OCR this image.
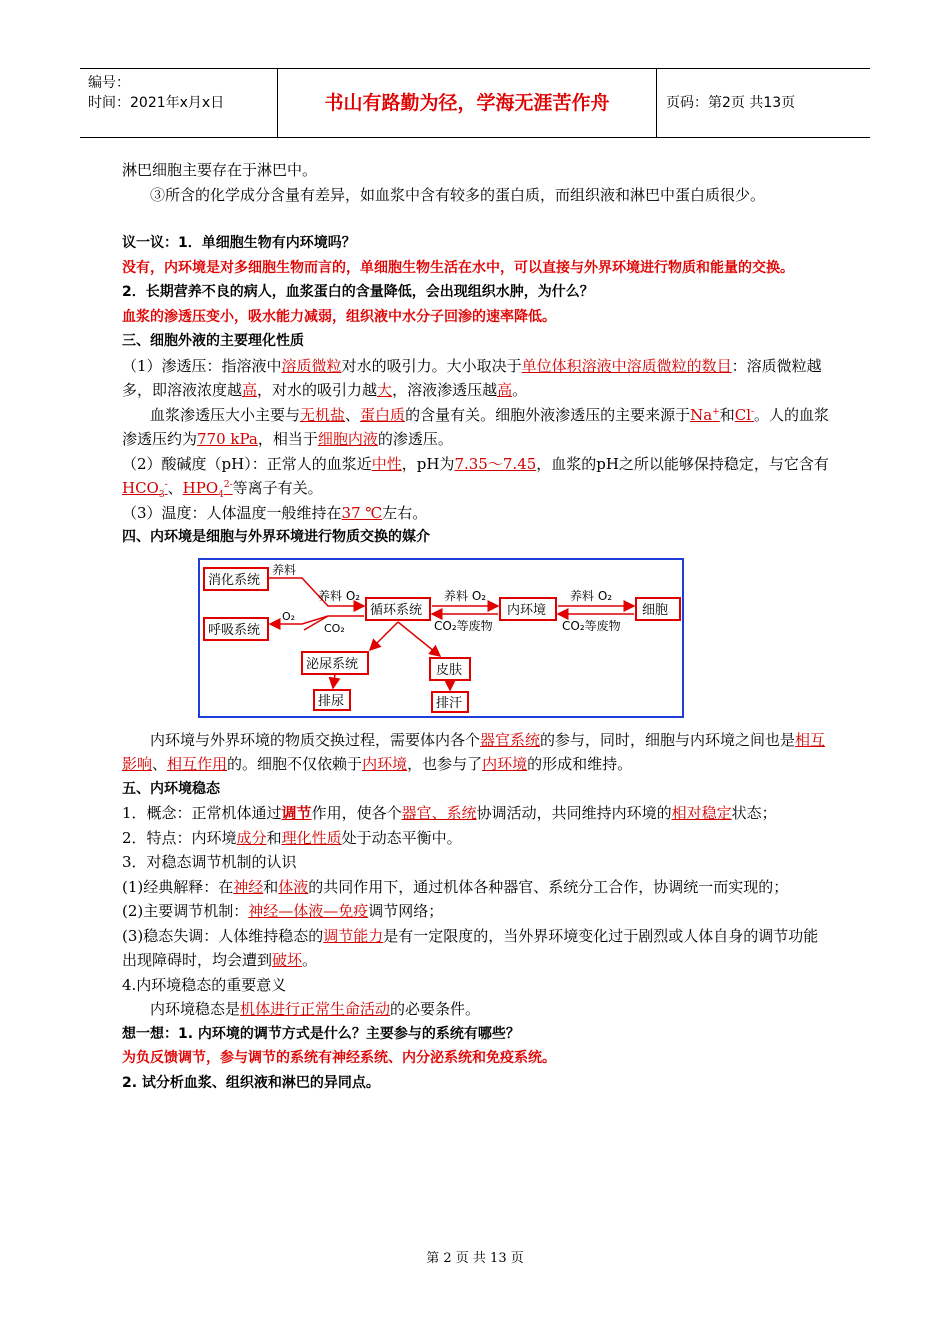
编号：
时间：2021年x月x日	书山有路勤为径，学海无涯苦作舟	页码：第2页 共13页

淋巴细胞主要存在于淋巴中。

③所含的化学成分含量有差异，如血浆中含有较多的蛋白质，而组织液和淋巴中蛋白质很少。

议一议：1．单细胞生物有内环境吗？

没有，内环境是对多细胞生物而言的，单细胞生物生活在水中，可以直接与外界环境进行物质和能量的交换。

2．长期营养不良的病人，血浆蛋白的含量降低，会出现组织水肿，为什么？

血浆的渗透压变小，吸水能力减弱，组织液中水分子回渗的速率降低。

三、细胞外液的主要理化性质

（1）渗透压：指溶液中溶质微粒对水的吸引力。大小取决于单位体积溶液中溶质微粒的数目：溶质微粒越多，即溶液浓度越高，对水的吸引力越大，溶液渗透压越高。

血浆渗透压大小主要与无机盐、蛋白质的含量有关。细胞外液渗透压的主要来源于Na+和Cl-。人的血浆渗透压约为770 kPa，相当于细胞内液的渗透压。

（2）酸碱度（pH）：正常人的血浆近中性，pH为7.35～7.45，血浆的pH之所以能够保持稳定，与它含有$HCO_3^-$、$HPO_4^{2-}$等离子有关。

（3）温度：人体温度一般维持在37 ℃左右。

四、内环境是细胞与外界环境进行物质交换的媒介

消化系统
呼吸系统
循环系统	内环境	细胞
泌尿系统	皮肤
排尿	排汗
养料
O₂
养料 O₂
CO₂
养料 O₂
CO₂等废物
养料 O₂
CO₂等废物

内环境与外界环境的物质交换过程，需要体内各个器官系统的参与，同时，细胞与内环境之间也是相互影响、相互作用的。细胞不仅依赖于内环境，也参与了内环境的形成和维持。

五、内环境稳态

1．概念：正常机体通过调节作用，使各个器官、系统协调活动，共同维持内环境的相对稳定状态；

2．特点：内环境成分和理化性质处于动态平衡中。

3．对稳态调节机制的认识

(1)经典解释：在神经和体液的共同作用下，通过机体各种器官、系统分工合作，协调统一而实现的；

(2)主要调节机制：神经—体液—免疫调节网络；

(3)稳态失调：人体维持稳态的调节能力是有一定限度的，当外界环境变化过于剧烈或人体自身的调节功能出现障碍时，均会遭到破坏。

4.内环境稳态的重要意义

内环境稳态是机体进行正常生命活动的必要条件。

想一想：1. 内环境的调节方式是什么？主要参与的系统有哪些？

为负反馈调节，参与调节的系统有神经系统、内分泌系统和免疫系统。

2. 试分析血浆、组织液和淋巴的异同点。

第 2 页 共 13 页
